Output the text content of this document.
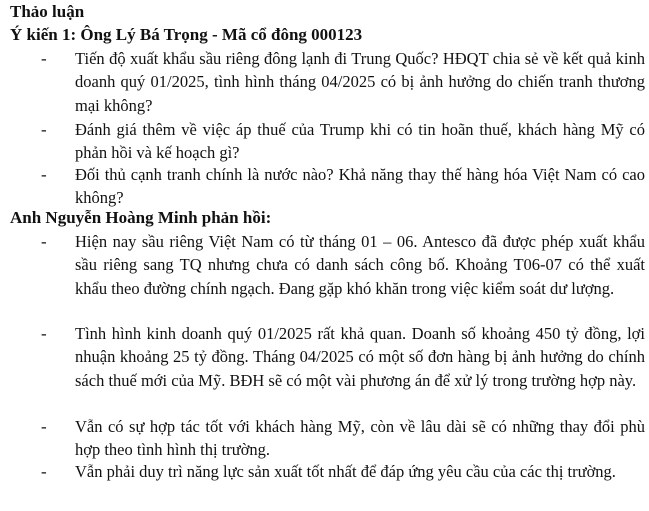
Thảo luận
Ý kiến 1: Ông Lý Bá Trọng - Mã cổ đông 000123
- Tiến độ xuất khẩu sầu riêng đông lạnh đi Trung Quốc? HĐQT chia sẻ về kết quả kinh doanh quý 01/2025, tình hình tháng 04/2025 có bị ảnh hưởng do chiến tranh thương mại không?

- Đánh giá thêm về việc áp thuế của Trump khi có tin hoãn thuế, khách hàng Mỹ có phản hồi và kế hoạch gì?

- Đối thủ cạnh tranh chính là nước nào? Khả năng thay thế hàng hóa Việt Nam có cao không?

Anh Nguyễn Hoàng Minh phản hồi:
- Hiện nay sầu riêng Việt Nam có từ tháng 01 – 06. Antesco đã được phép xuất khẩu sầu riêng sang TQ nhưng chưa có danh sách công bố. Khoảng T06-07 có thể xuất khẩu theo đường chính ngạch. Đang gặp khó khăn trong việc kiểm soát dư lượng.

- Tình hình kinh doanh quý 01/2025 rất khả quan. Doanh số khoảng 450 tỷ đồng, lợi nhuận khoảng 25 tỷ đồng. Tháng 04/2025 có một số đơn hàng bị ảnh hưởng do chính sách thuế mới của Mỹ. BĐH sẽ có một vài phương án để xử lý trong trường hợp này.

- Vẫn có sự hợp tác tốt với khách hàng Mỹ, còn về lâu dài sẽ có những thay đổi phù hợp theo tình hình thị trường.

- Vẫn phải duy trì năng lực sản xuất tốt nhất để đáp ứng yêu cầu của các thị trường.
